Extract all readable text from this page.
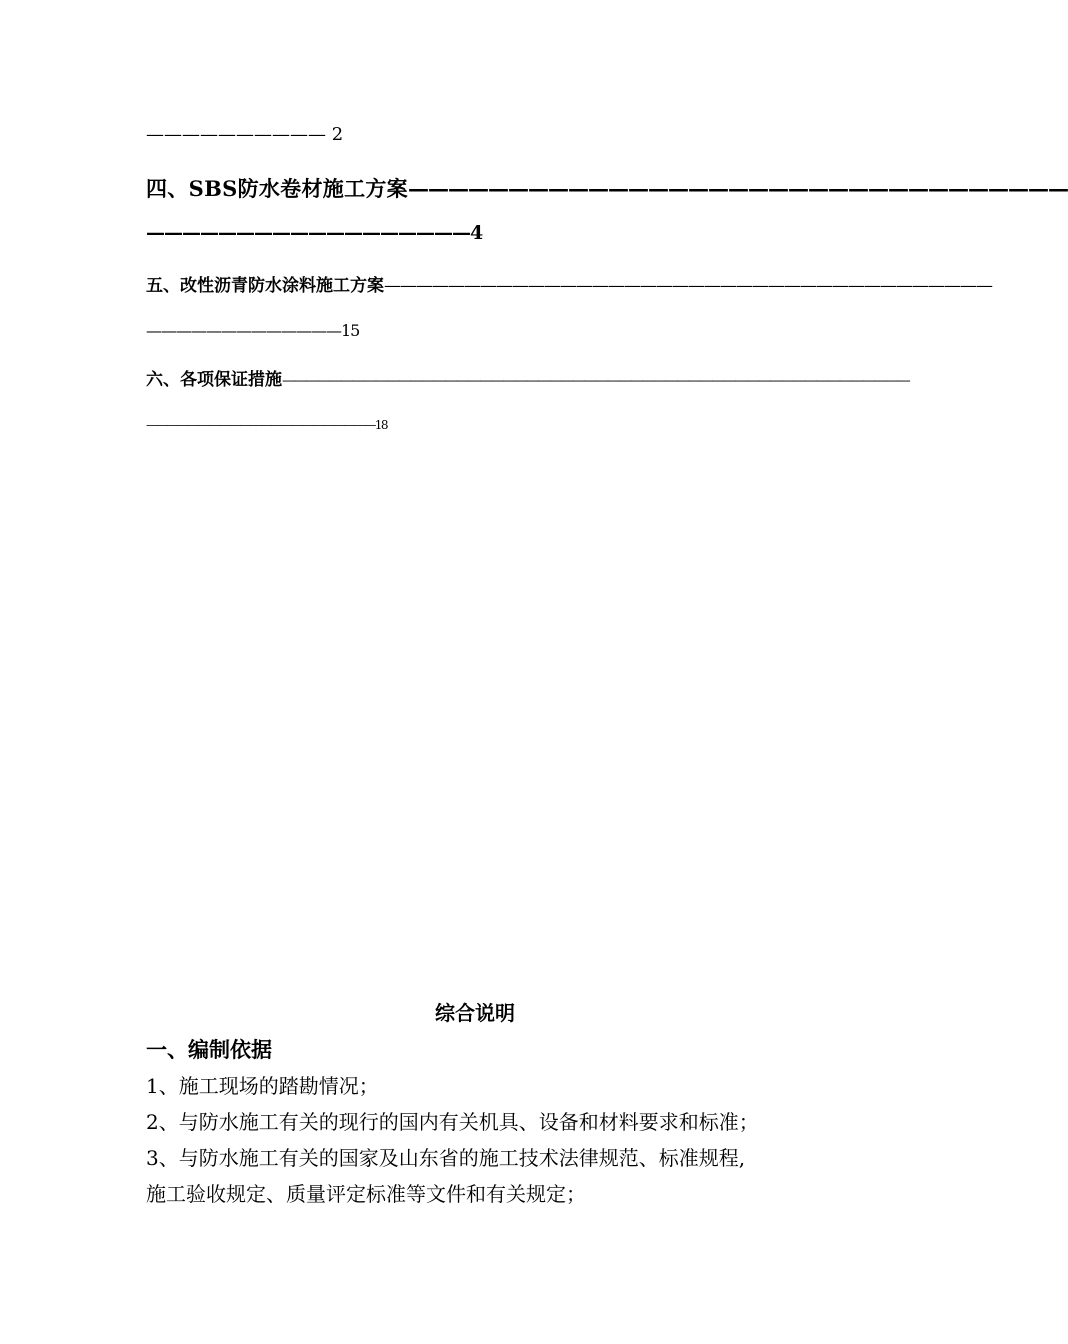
—————————— 2
四、SBS防水卷材施工方案—————————————————————————————————
——————————————————4
五、改性沥青防水涂料施工方案——————————————————————————————————————
—————————————15
六、各项保证措施——————————————————————————————————————————————————————
——————————————————————18
综合说明
一、编制依据
1、施工现场的踏勘情况；
2、与防水施工有关的现行的国内有关机具、设备和材料要求和标准；
3、与防水施工有关的国家及山东省的施工技术法律规范、标准规程,
施工验收规定、质量评定标准等文件和有关规定；
